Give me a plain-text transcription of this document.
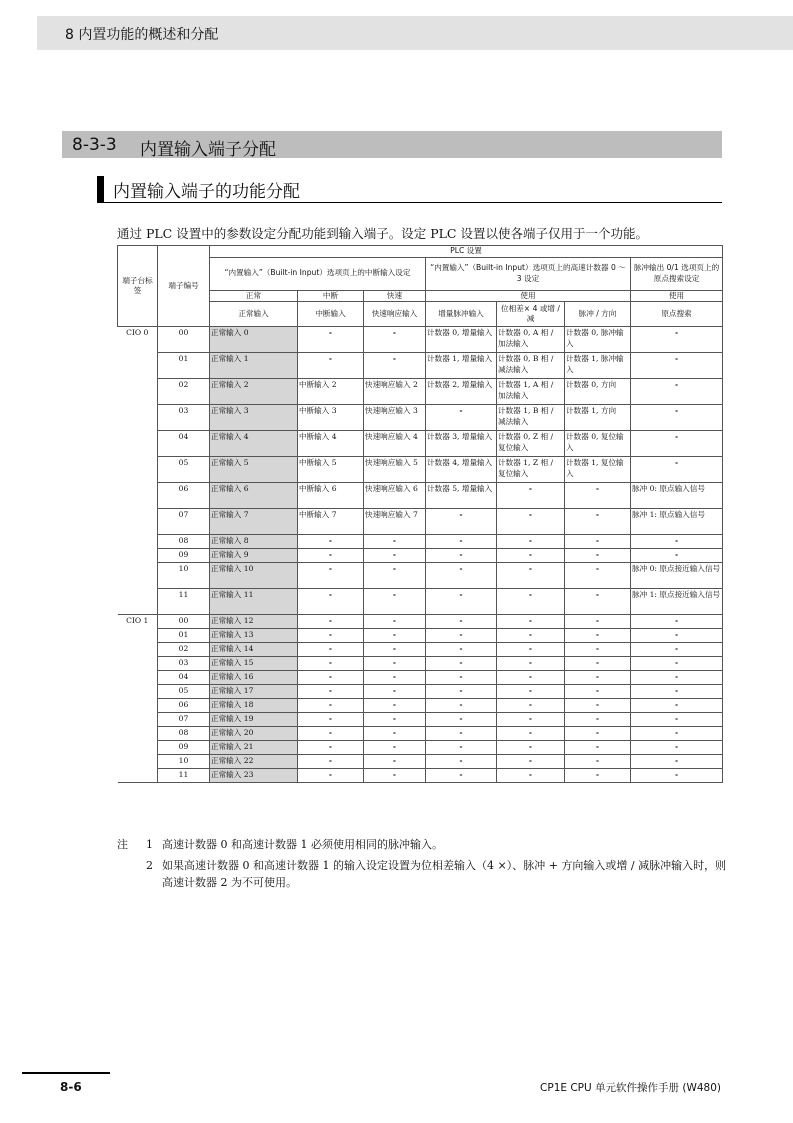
8 内置功能的概述和分配
8-3-3 内置输入端子分配
内置输入端子的功能分配
通过 PLC 设置中的参数设定分配功能到输入端子。设定 PLC 设置以使各端子仅用于一个功能。
端子台标签	端子编号	PLC 设置						
		“内置输入”（Built-in Input）选项页上的中断输入设定			“内置输入”（Built-in Input）选项页上的高速计数器 0 ～ 3 设定			脉冲输出 0/1 选项页上的原点搜索设定
		正常	中断	快速	使用			使用
		正常输入	中断输入	快速响应输入	增量脉冲输入	位相差× 4 或增 / 减	脉冲 / 方向	原点搜索
CIO 0	00	正常输入 0	-	-	计数器 0, 增量输入	计数器 0, A 相 / 加法输入	计数器 0, 脉冲输入	-
	01	正常输入 1	-	-	计数器 1, 增量输入	计数器 0, B 相 / 减法输入	计数器 1, 脉冲输入	-
	02	正常输入 2	中断输入 2	快速响应输入 2	计数器 2, 增量输入	计数器 1, A 相 / 加法输入	计数器 0, 方向	-
	03	正常输入 3	中断输入 3	快速响应输入 3	-	计数器 1, B 相 / 减法输入	计数器 1, 方向	-
	04	正常输入 4	中断输入 4	快速响应输入 4	计数器 3, 增量输入	计数器 0, Z 相 / 复位输入	计数器 0, 复位输入	-
	05	正常输入 5	中断输入 5	快速响应输入 5	计数器 4, 增量输入	计数器 1, Z 相 / 复位输入	计数器 1, 复位输入	-
	06	正常输入 6	中断输入 6	快速响应输入 6	计数器 5, 增量输入	-	-	脉冲 0: 原点输入信号
	07	正常输入 7	中断输入 7	快速响应输入 7	-	-	-	脉冲 1: 原点输入信号
	08	正常输入 8	-	-	-	-	-	-
	09	正常输入 9	-	-	-	-	-	-
	10	正常输入 10	-	-	-	-	-	脉冲 0: 原点接近输入信号
	11	正常输入 11	-	-	-	-	-	脉冲 1: 原点接近输入信号
CIO 1	00	正常输入 12	-	-	-	-	-	-
	01	正常输入 13	-	-	-	-	-	-
	02	正常输入 14	-	-	-	-	-	-
	03	正常输入 15	-	-	-	-	-	-
	04	正常输入 16	-	-	-	-	-	-
	05	正常输入 17	-	-	-	-	-	-
	06	正常输入 18	-	-	-	-	-	-
	07	正常输入 19	-	-	-	-	-	-
	08	正常输入 20	-	-	-	-	-	-
	09	正常输入 21	-	-	-	-	-	-
	10	正常输入 22	-	-	-	-	-	-
	11	正常输入 23	-	-	-	-	-	-
注 1 高速计数器 0 和高速计数器 1 必须使用相同的脉冲输入。
2 如果高速计数器 0 和高速计数器 1 的输入设定设置为位相差输入（4 ×）、脉冲 + 方向输入或增 / 减脉冲输入时，则高速计数器 2 为不可使用。
8-6	CP1E CPU 单元软件操作手册 (W480)
